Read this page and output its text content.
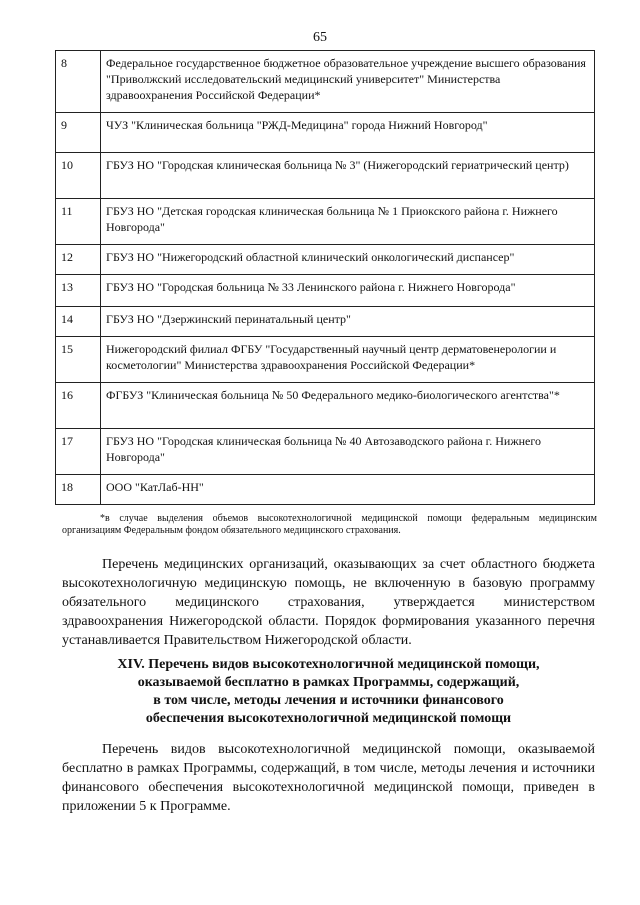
65
8	Федеральное государственное бюджетное образовательное учреждение высшего образования "Приволжский исследовательский медицинский университет" Министерства здравоохранения Российской Федерации*
9	ЧУЗ "Клиническая больница "РЖД-Медицина" города Нижний Новгород"
10	ГБУЗ НО "Городская клиническая больница № 3" (Нижегородский гериатрический центр)
11	ГБУЗ НО "Детская городская клиническая больница № 1 Приокского района г. Нижнего Новгорода"
12	ГБУЗ НО "Нижегородский областной клинический онкологический диспансер"
13	ГБУЗ НО "Городская больница № 33 Ленинского района г. Нижнего Новгорода"
14	ГБУЗ НО "Дзержинский перинатальный центр"
15	Нижегородский филиал ФГБУ "Государственный научный центр дерматовенерологии и косметологии" Министерства здравоохранения Российской Федерации*
16	ФГБУЗ "Клиническая больница № 50 Федерального медико-биологического агентства"*
17	ГБУЗ НО "Городская клиническая больница № 40 Автозаводского района г. Нижнего Новгорода"
18	ООО "КатЛаб-НН"
*в случае выделения объемов высокотехнологичной медицинской помощи федеральным медицинским организациям Федеральным фондом обязательного медицинского страхования.

Перечень медицинских организаций, оказывающих за счет областного бюджета высокотехнологичную медицинскую помощь, не включенную в базовую программу обязательного медицинского страхования, утверждается министерством здравоохранения Нижегородской области. Порядок формирования указанного перечня устанавливается Правительством Нижегородской области.

XIV. Перечень видов высокотехнологичной медицинской помощи,
оказываемой бесплатно в рамках Программы, содержащий,
в том числе, методы лечения и источники финансового
обеспечения высокотехнологичной медицинской помощи

Перечень видов высокотехнологичной медицинской помощи, оказываемой бесплатно в рамках Программы, содержащий, в том числе, методы лечения и источники финансового обеспечения высокотехнологичной медицинской помощи, приведен в приложении 5 к Программе.
